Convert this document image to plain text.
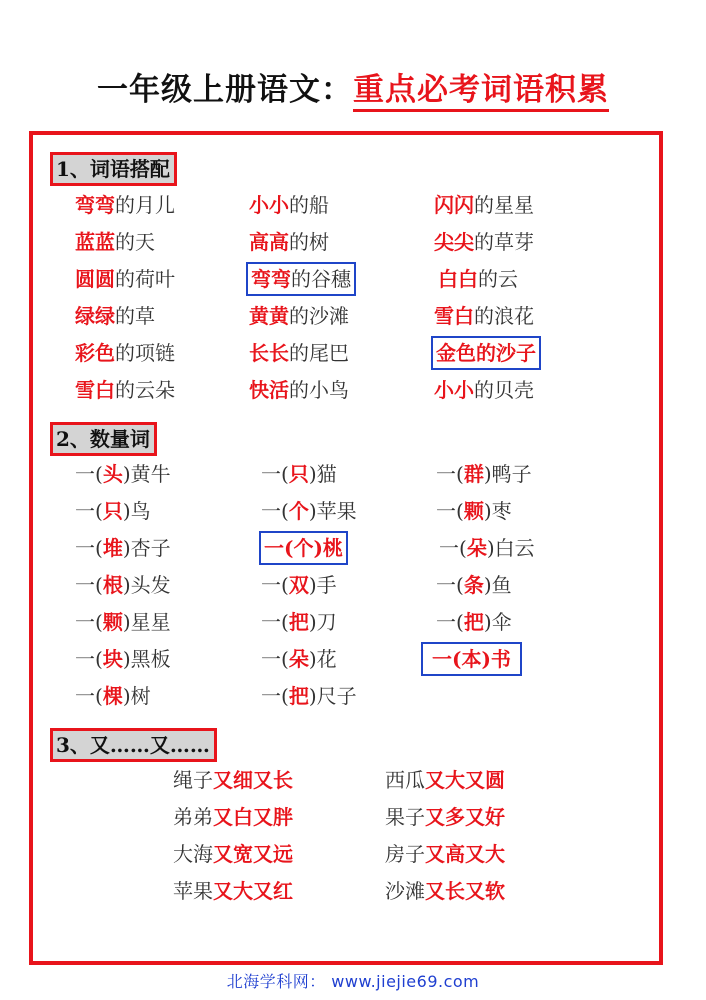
一年级上册语文：重点必考词语积累
1、词语搭配
弯弯的月儿	小小的船	闪闪的星星
蓝蓝的天	高高的树	尖尖的草芽
圆圆的荷叶	弯弯的谷穗	白白的云
绿绿的草	黄黄的沙滩	雪白的浪花
彩色的项链	长长的尾巴	金色的沙子
雪白的云朵	快活的小鸟	小小的贝壳
2、数量词
一(头)黄牛	一(只)猫	一(群)鸭子
一(只)鸟	一(个)苹果	一(颗)枣
一(堆)杏子	一(个)桃	一(朵)白云
一(根)头发	一(双)手	一(条)鱼
一(颗)星星	一(把)刀	一(把)伞
一(块)黑板	一(朵)花	一(本)书
一(棵)树	一(把)尺子
3、又……又……
绳子又细又长	西瓜又大又圆
弟弟又白又胖	果子又多又好
大海又宽又远	房子又高又大
苹果又大又红	沙滩又长又软
北海学科网： www.jiejie69.com
